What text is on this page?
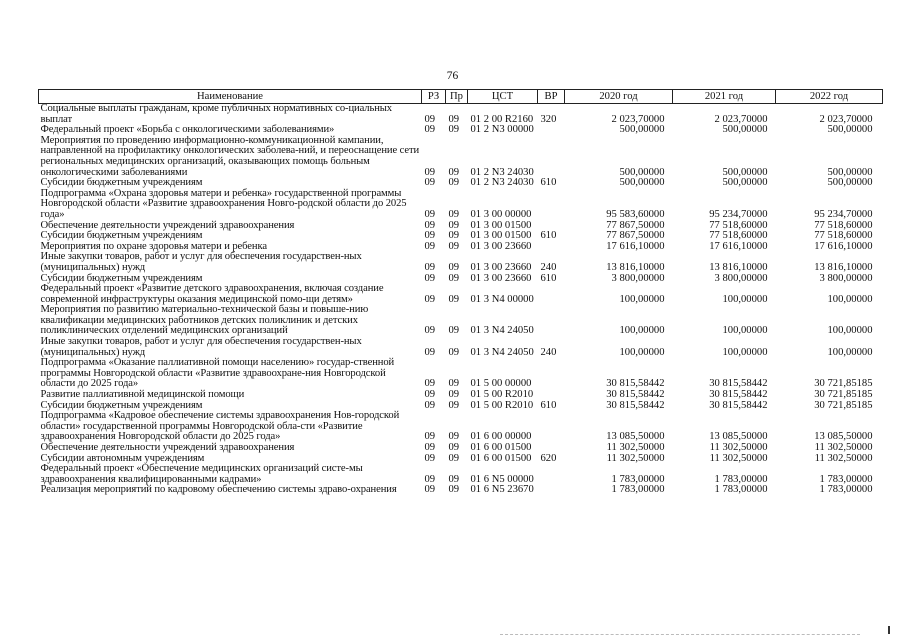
76
Наименование	РЗ	Пр	ЦСТ	ВР	2020 год	2021 год	2022 год
Социальные выплаты гражданам, кроме публичных нормативных со-циальных выплат	09	09	01 2 00 R2160	320	2 023,70000	2 023,70000	2 023,70000
Федеральный проект «Борьба с онкологическими заболеваниями»	09	09	01 2 N3 00000		500,00000	500,00000	500,00000
Мероприятия по проведению информационно-коммуникационной кампании, направленной на профилактику онкологических заболева-ний, и переоснащение сети региональных медицинских организаций, оказывающих помощь больным онкологическими заболеваниями	09	09	01 2 N3 24030		500,00000	500,00000	500,00000
Субсидии бюджетным учреждениям	09	09	01 2 N3 24030	610	500,00000	500,00000	500,00000
Подпрограмма «Охрана здоровья матери и ребенка» государственной программы Новгородской области «Развитие здравоохранения Новго-родской области до 2025 года»	09	09	01 3 00 00000		95 583,60000	95 234,70000	95 234,70000
Обеспечение деятельности учреждений здравоохранения	09	09	01 3 00 01500		77 867,50000	77 518,60000	77 518,60000
Субсидии бюджетным учреждениям	09	09	01 3 00 01500	610	77 867,50000	77 518,60000	77 518,60000
Мероприятия по охране здоровья матери и ребенка	09	09	01 3 00 23660		17 616,10000	17 616,10000	17 616,10000
Иные закупки товаров, работ и услуг для обеспечения государствен-ных (муниципальных) нужд	09	09	01 3 00 23660	240	13 816,10000	13 816,10000	13 816,10000
Субсидии бюджетным учреждениям	09	09	01 3 00 23660	610	3 800,00000	3 800,00000	3 800,00000
Федеральный проект «Развитие детского здравоохранения, включая создание современной инфраструктуры оказания медицинской помо-щи детям»	09	09	01 3 N4 00000		100,00000	100,00000	100,00000
Мероприятия по развитию материально-технической базы и повыше-нию квалификации медицинских работников детских поликлиник и детских поликлинических отделений медицинских организаций	09	09	01 3 N4 24050		100,00000	100,00000	100,00000
Иные закупки товаров, работ и услуг для обеспечения государствен-ных (муниципальных) нужд	09	09	01 3 N4 24050	240	100,00000	100,00000	100,00000
Подпрограмма «Оказание паллиативной помощи населению» государ-ственной программы Новгородской области «Развитие здравоохране-ния Новгородской области до 2025 года»	09	09	01 5 00 00000		30 815,58442	30 815,58442	30 721,85185
Развитие паллиативной медицинской помощи	09	09	01 5 00 R2010		30 815,58442	30 815,58442	30 721,85185
Субсидии бюджетным учреждениям	09	09	01 5 00 R2010	610	30 815,58442	30 815,58442	30 721,85185
Подпрограмма «Кадровое обеспечение системы здравоохранения Нов-городской области» государственной программы Новгородской обла-сти «Развитие здравоохранения Новгородской области до 2025 года»	09	09	01 6 00 00000		13 085,50000	13 085,50000	13 085,50000
Обеспечение деятельности учреждений здравоохранения	09	09	01 6 00 01500		11 302,50000	11 302,50000	11 302,50000
Субсидии автономным учреждениям	09	09	01 6 00 01500	620	11 302,50000	11 302,50000	11 302,50000
Федеральный проект «Обеспечение медицинских организаций систе-мы здравоохранения квалифицированными кадрами»	09	09	01 6 N5 00000		1 783,00000	1 783,00000	1 783,00000
Реализация мероприятий по кадровому обеспечению системы здраво-охранения	09	09	01 6 N5 23670		1 783,00000	1 783,00000	1 783,00000
